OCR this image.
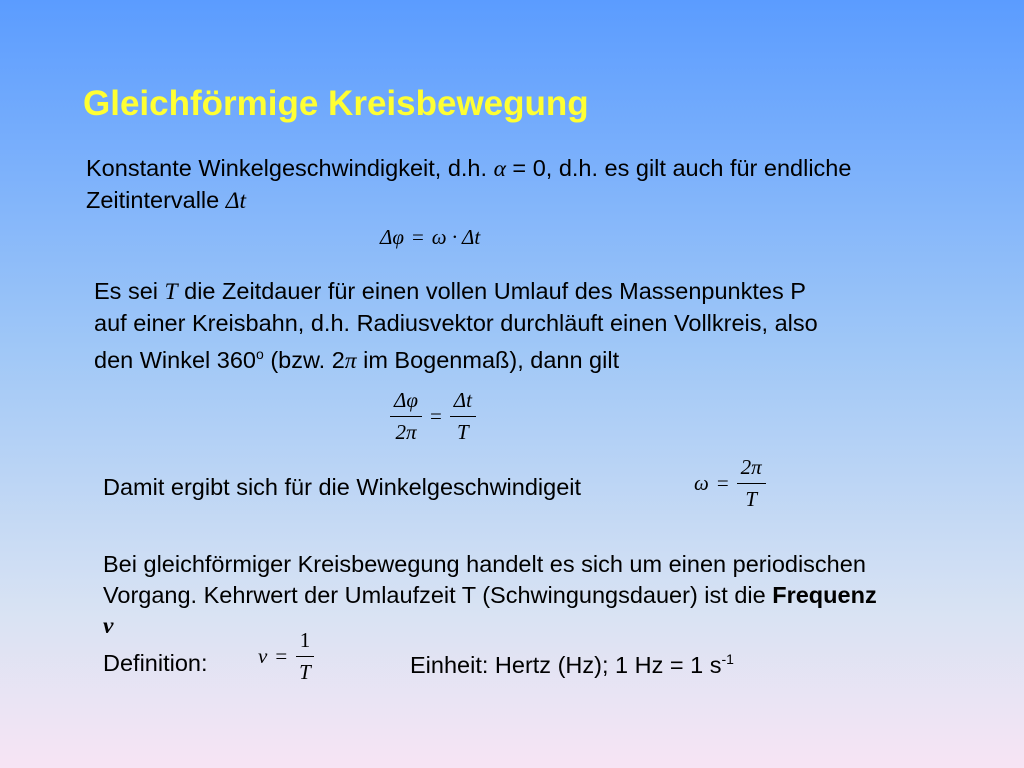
Gleichförmige Kreisbewegung
Konstante Winkelgeschwindigkeit, d.h. α = 0, d.h. es gilt auch für endliche
Zeitintervalle Δt
Δφ = ω · Δt
Es sei T die Zeitdauer für einen vollen Umlauf des Massenpunktes P
auf einer Kreisbahn, d.h. Radiusvektor durchläuft einen Vollkreis, also
den Winkel 360$^o$ (bzw. 2π im Bogenmaß), dann gilt
$\frac{\Delta\varphi}{2\pi} = \frac{\Delta t}{T}$
Damit ergibt sich für die Winkelgeschwindigeit	$\omega = \frac{2\pi}{T}$
Bei gleichförmiger Kreisbewegung handelt es sich um einen periodischen
Vorgang. Kehrwert der Umlaufzeit T (Schwingungsdauer) ist die Frequenz
ν
Definition: $\nu = \frac{1}{T}$	Einheit: Hertz (Hz); 1 Hz = 1 $s^{-1}$
